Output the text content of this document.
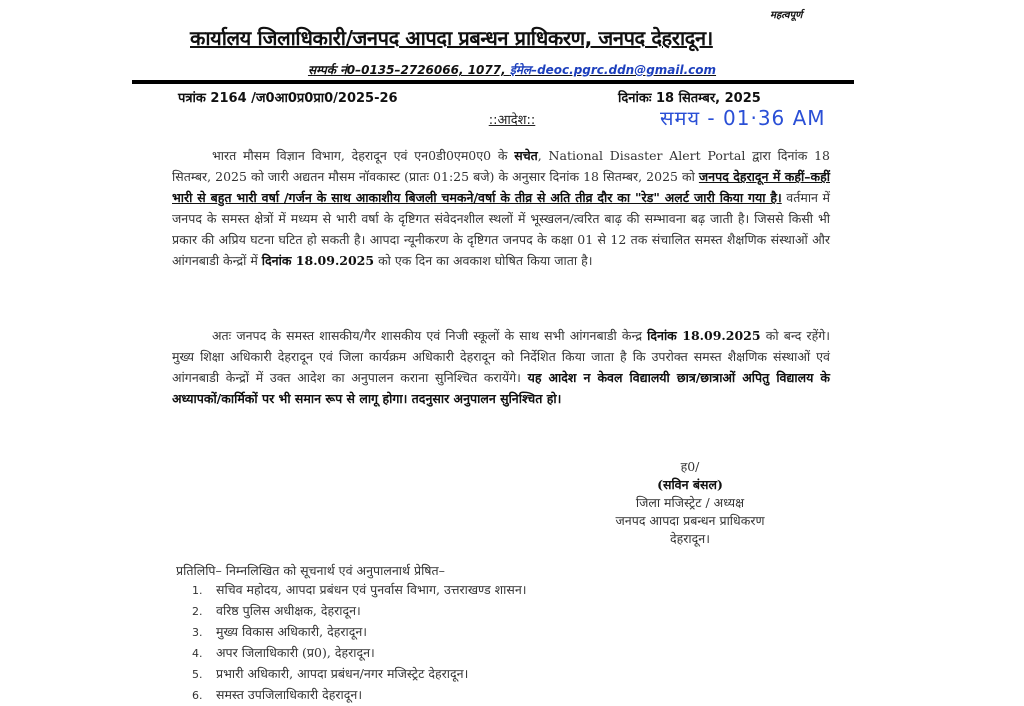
महत्वपूर्ण
कार्यालय जिलाधिकारी/जनपद आपदा प्रबन्धन प्राधिकरण, जनपद देहरादून।
सम्पर्क नं0–0135–2726066, 1077, ईमेल–deoc.pgrc.ddn@gmail.com
पत्रांक 2164 /ज0आ0प्र0प्रा0/2025-26	दिनांकः 18 सितम्बर, 2025
समय - 01·36 AM
::आदेश::
भारत मौसम विज्ञान विभाग, देहरादून एवं एन0डी0एम0ए0 के सचेत, National Disaster Alert Portal द्वारा दिनांक 18 सितम्बर, 2025 को जारी अद्यतन मौसम नॉवकास्ट (प्रातः 01:25 बजे) के अनुसार दिनांक 18 सितम्बर, 2025 को जनपद देहरादून में कहीं–कहीं भारी से बहुत भारी वर्षा /गर्जन के साथ आकाशीय बिजली चमकने/वर्षा के तीव्र से अति तीव्र दौर का "रेड" अलर्ट जारी किया गया है। वर्तमान में जनपद के समस्त क्षेत्रों में मध्यम से भारी वर्षा के दृष्टिगत संवेदनशील स्थलों में भूस्खलन/त्वरित बाढ़ की सम्भावना बढ़ जाती है। जिससे किसी भी प्रकार की अप्रिय घटना घटित हो सकती है। आपदा न्यूनीकरण के दृष्टिगत जनपद के कक्षा 01 से 12 तक संचालित समस्त शैक्षणिक संस्थाओं और आंगनबाडी केन्द्रों में दिनांक 18.09.2025 को एक दिन का अवकाश घोषित किया जाता है।
अतः जनपद के समस्त शासकीय/गैर शासकीय एवं निजी स्कूलों के साथ सभी आंगनबाडी केन्द्र दिनांक 18.09.2025 को बन्द रहेंगे। मुख्य शिक्षा अधिकारी देहरादून एवं जिला कार्यक्रम अधिकारी देहरादून को निर्देशित किया जाता है कि उपरोक्त समस्त शैक्षणिक संस्थाओं एवं आंगनबाडी केन्द्रों में उक्त आदेश का अनुपालन कराना सुनिश्चित करायेंगे। यह आदेश न केवल विद्यालयी छात्र/छात्राओं अपितु विद्यालय के अध्यापकों/कार्मिकों पर भी समान रूप से लागू होगा। तदनुसार अनुपालन सुनिश्चित हो।
ह0/
(सविन बंसल)
जिला मजिस्ट्रेट / अध्यक्ष
जनपद आपदा प्रबन्धन प्राधिकरण
देहरादून।
प्रतिलिपि– निम्नलिखित को सूचनार्थ एवं अनुपालनार्थ प्रेषित–
1. सचिव महोदय, आपदा प्रबंधन एवं पुनर्वास विभाग, उत्तराखण्ड शासन।
2. वरिष्ठ पुलिस अधीक्षक, देहरादून।
3. मुख्य विकास अधिकारी, देहरादून।
4. अपर जिलाधिकारी (प्र0), देहरादून।
5. प्रभारी अधिकारी, आपदा प्रबंधन/नगर मजिस्ट्रेट देहरादून।
6. समस्त उपजिलाधिकारी देहरादून।
